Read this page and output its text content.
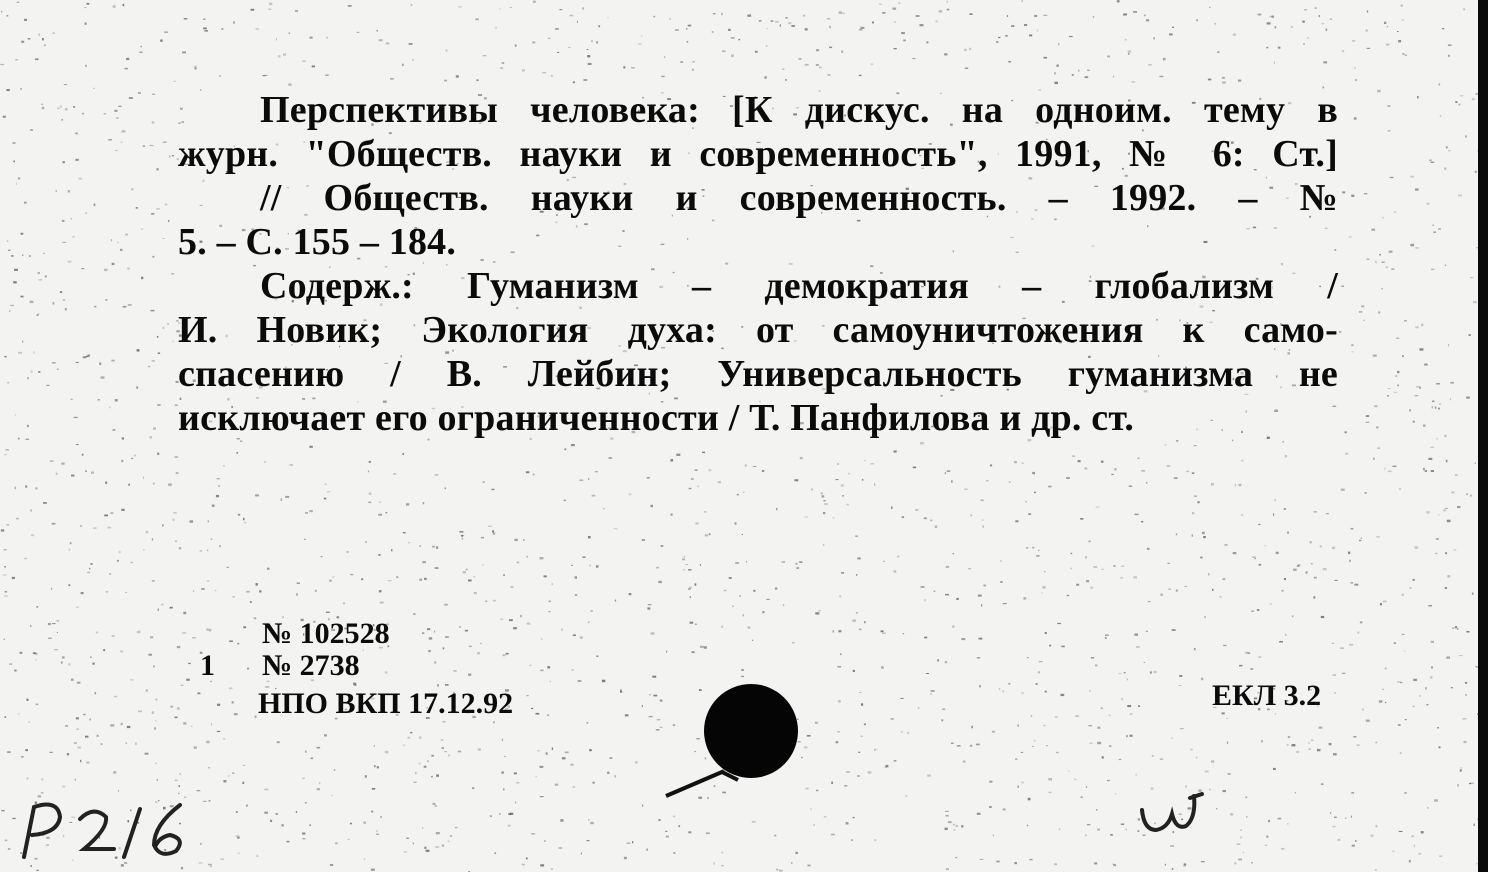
Перспективы человека: [К дискус. на одноим. тему в
журн. "Обществ. науки и современность", 1991, № 6: Ст.]
// Обществ. науки и современность. – 1992. – №
5. – С. 155 – 184.
Содерж.: Гуманизм – демократия – глобализм /
И. Новик; Экология духа: от самоуничтожения к само-
спасению / В. Лейбин; Универсальность гуманизма не
исключает его ограниченности / Т. Панфилова и др. ст.
№ 102528
1 № 2738
НПО ВКП 17.12.92	ЕКЛ 3.2
